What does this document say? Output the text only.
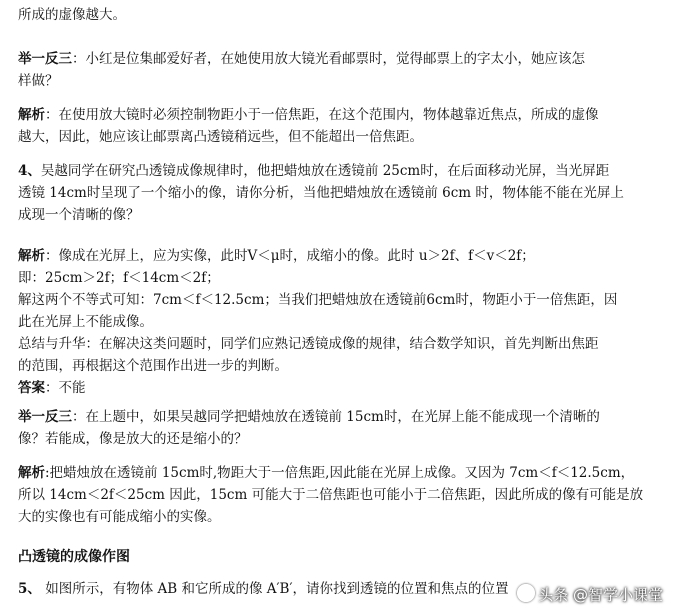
所成的虚像越大。
举一反三：小红是位集邮爱好者，在她使用放大镜光看邮票时，觉得邮票上的字太小，她应该怎
样做？
解析：在使用放大镜时必须控制物距小于一倍焦距，在这个范围内，物体越靠近焦点，所成的虚像
越大，因此，她应该让邮票离凸透镜稍远些，但不能超出一倍焦距。
4、吴越同学在研究凸透镜成像规律时，他把蜡烛放在透镜前 25cm时，在后面移动光屏，当光屏距
透镜 14cm时呈现了一个缩小的像，请你分析，当他把蜡烛放在透镜前 6cm 时，物体能不能在光屏上
成现一个清晰的像？
解析：像成在光屏上，应为实像，此时Ⅴ＜μ时，成缩小的像。此时 u＞2f、f＜v＜2f；
即：25cm＞2f；f＜14cm＜2f；
解这两个不等式可知：7cm＜f＜12.5cm；当我们把蜡烛放在透镜前6cm时，物距小于一倍焦距，因
此在光屏上不能成像。
总结与升华：在解决这类问题时，同学们应熟记透镜成像的规律，结合数学知识，首先判断出焦距
的范围，再根据这个范围作出进一步的判断。
答案：不能
举一反三：在上题中，如果吴越同学把蜡烛放在透镜前 15cm时，在光屏上能不能成现一个清晰的
像？若能成，像是放大的还是缩小的？
解析:把蜡烛放在透镜前 15cm时,物距大于一倍焦距,因此能在光屏上成像。又因为 7cm＜f＜12.5cm，
所以 14cm＜2f＜25cm 因此，15cm 可能大于二倍焦距也可能小于二倍焦距，因此所成的像有可能是放
大的实像也有可能成缩小的实像。
凸透镜的成像作图
5、 如图所示，有物体 AB 和它所成的像 A′B′，请你找到透镜的位置和焦点的位置	头条 @智学小课堂
